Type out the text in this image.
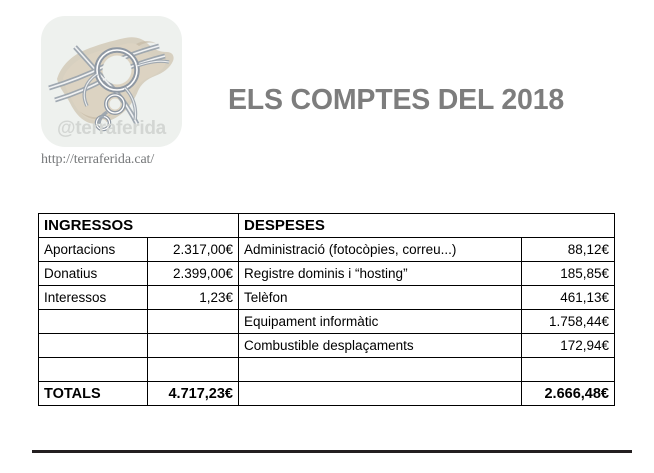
@terraferida
http://terraferida.cat/
ELS COMPTES DEL 2018
INGRESSOS		DESPESES	
Aportacions	2.317,00€	Administració (fotocòpies, correu...)	88,12€
Donatius	2.399,00€	Registre dominis i “hosting”	185,85€
Interessos	1,23€	Telèfon	461,13€
		Equipament informàtic	1.758,44€
		Combustible desplaçaments	172,94€

TOTALS	4.717,23€		2.666,48€
